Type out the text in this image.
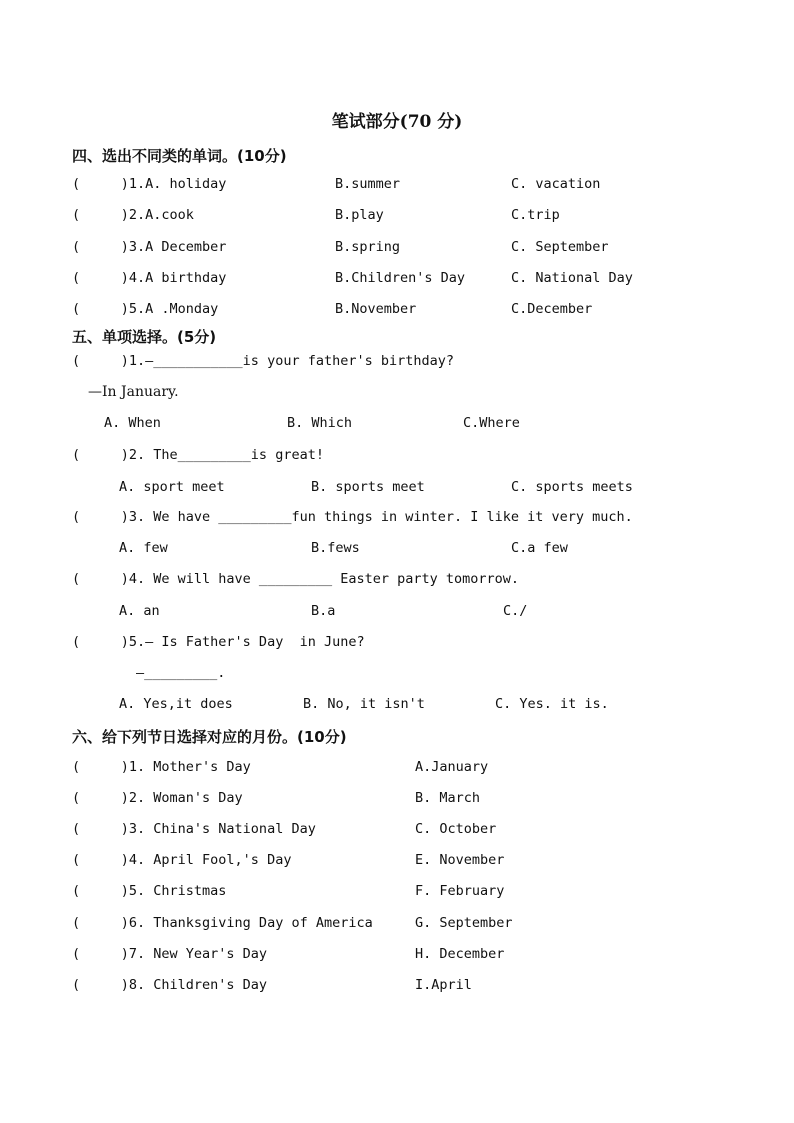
笔试部分(70 分)
四、选出不同类的单词。(10分)
(     )1.A. holiday	B.summer	C. vacation
(     )2.A.cook	B.play	C.trip
(     )3.A December	B.spring	C. September
(     )4.A birthday	B.Children's Day	C. National Day
(     )5.A .Monday	B.November	C.December
五、单项选择。(5分)
(     )1.—___________is your father's birthday?
—In January.
A. When	B. Which	C.Where
(     )2. The_________is great!
A. sport meet	B. sports meet	C. sports meets
(     )3. We have _________fun things in winter. I like it very much.
A. few	B.fews	C.a few
(     )4. We will have _________ Easter party tomorrow.
A. an	B.a	C./
(     )5.— Is Father's Day  in June?
—_________.
A. Yes,it does	B. No, it isn't	C. Yes. it is.
六、给下列节日选择对应的月份。(10分)
(     )1. Mother's Day	A.January
(     )2. Woman's Day	B. March
(     )3. China's National Day	C. October
(     )4. April Fool,'s Day	E. November
(     )5. Christmas	F. February
(     )6. Thanksgiving Day of America	G. September
(     )7. New Year's Day	H. December
(     )8. Children's Day	I.April
